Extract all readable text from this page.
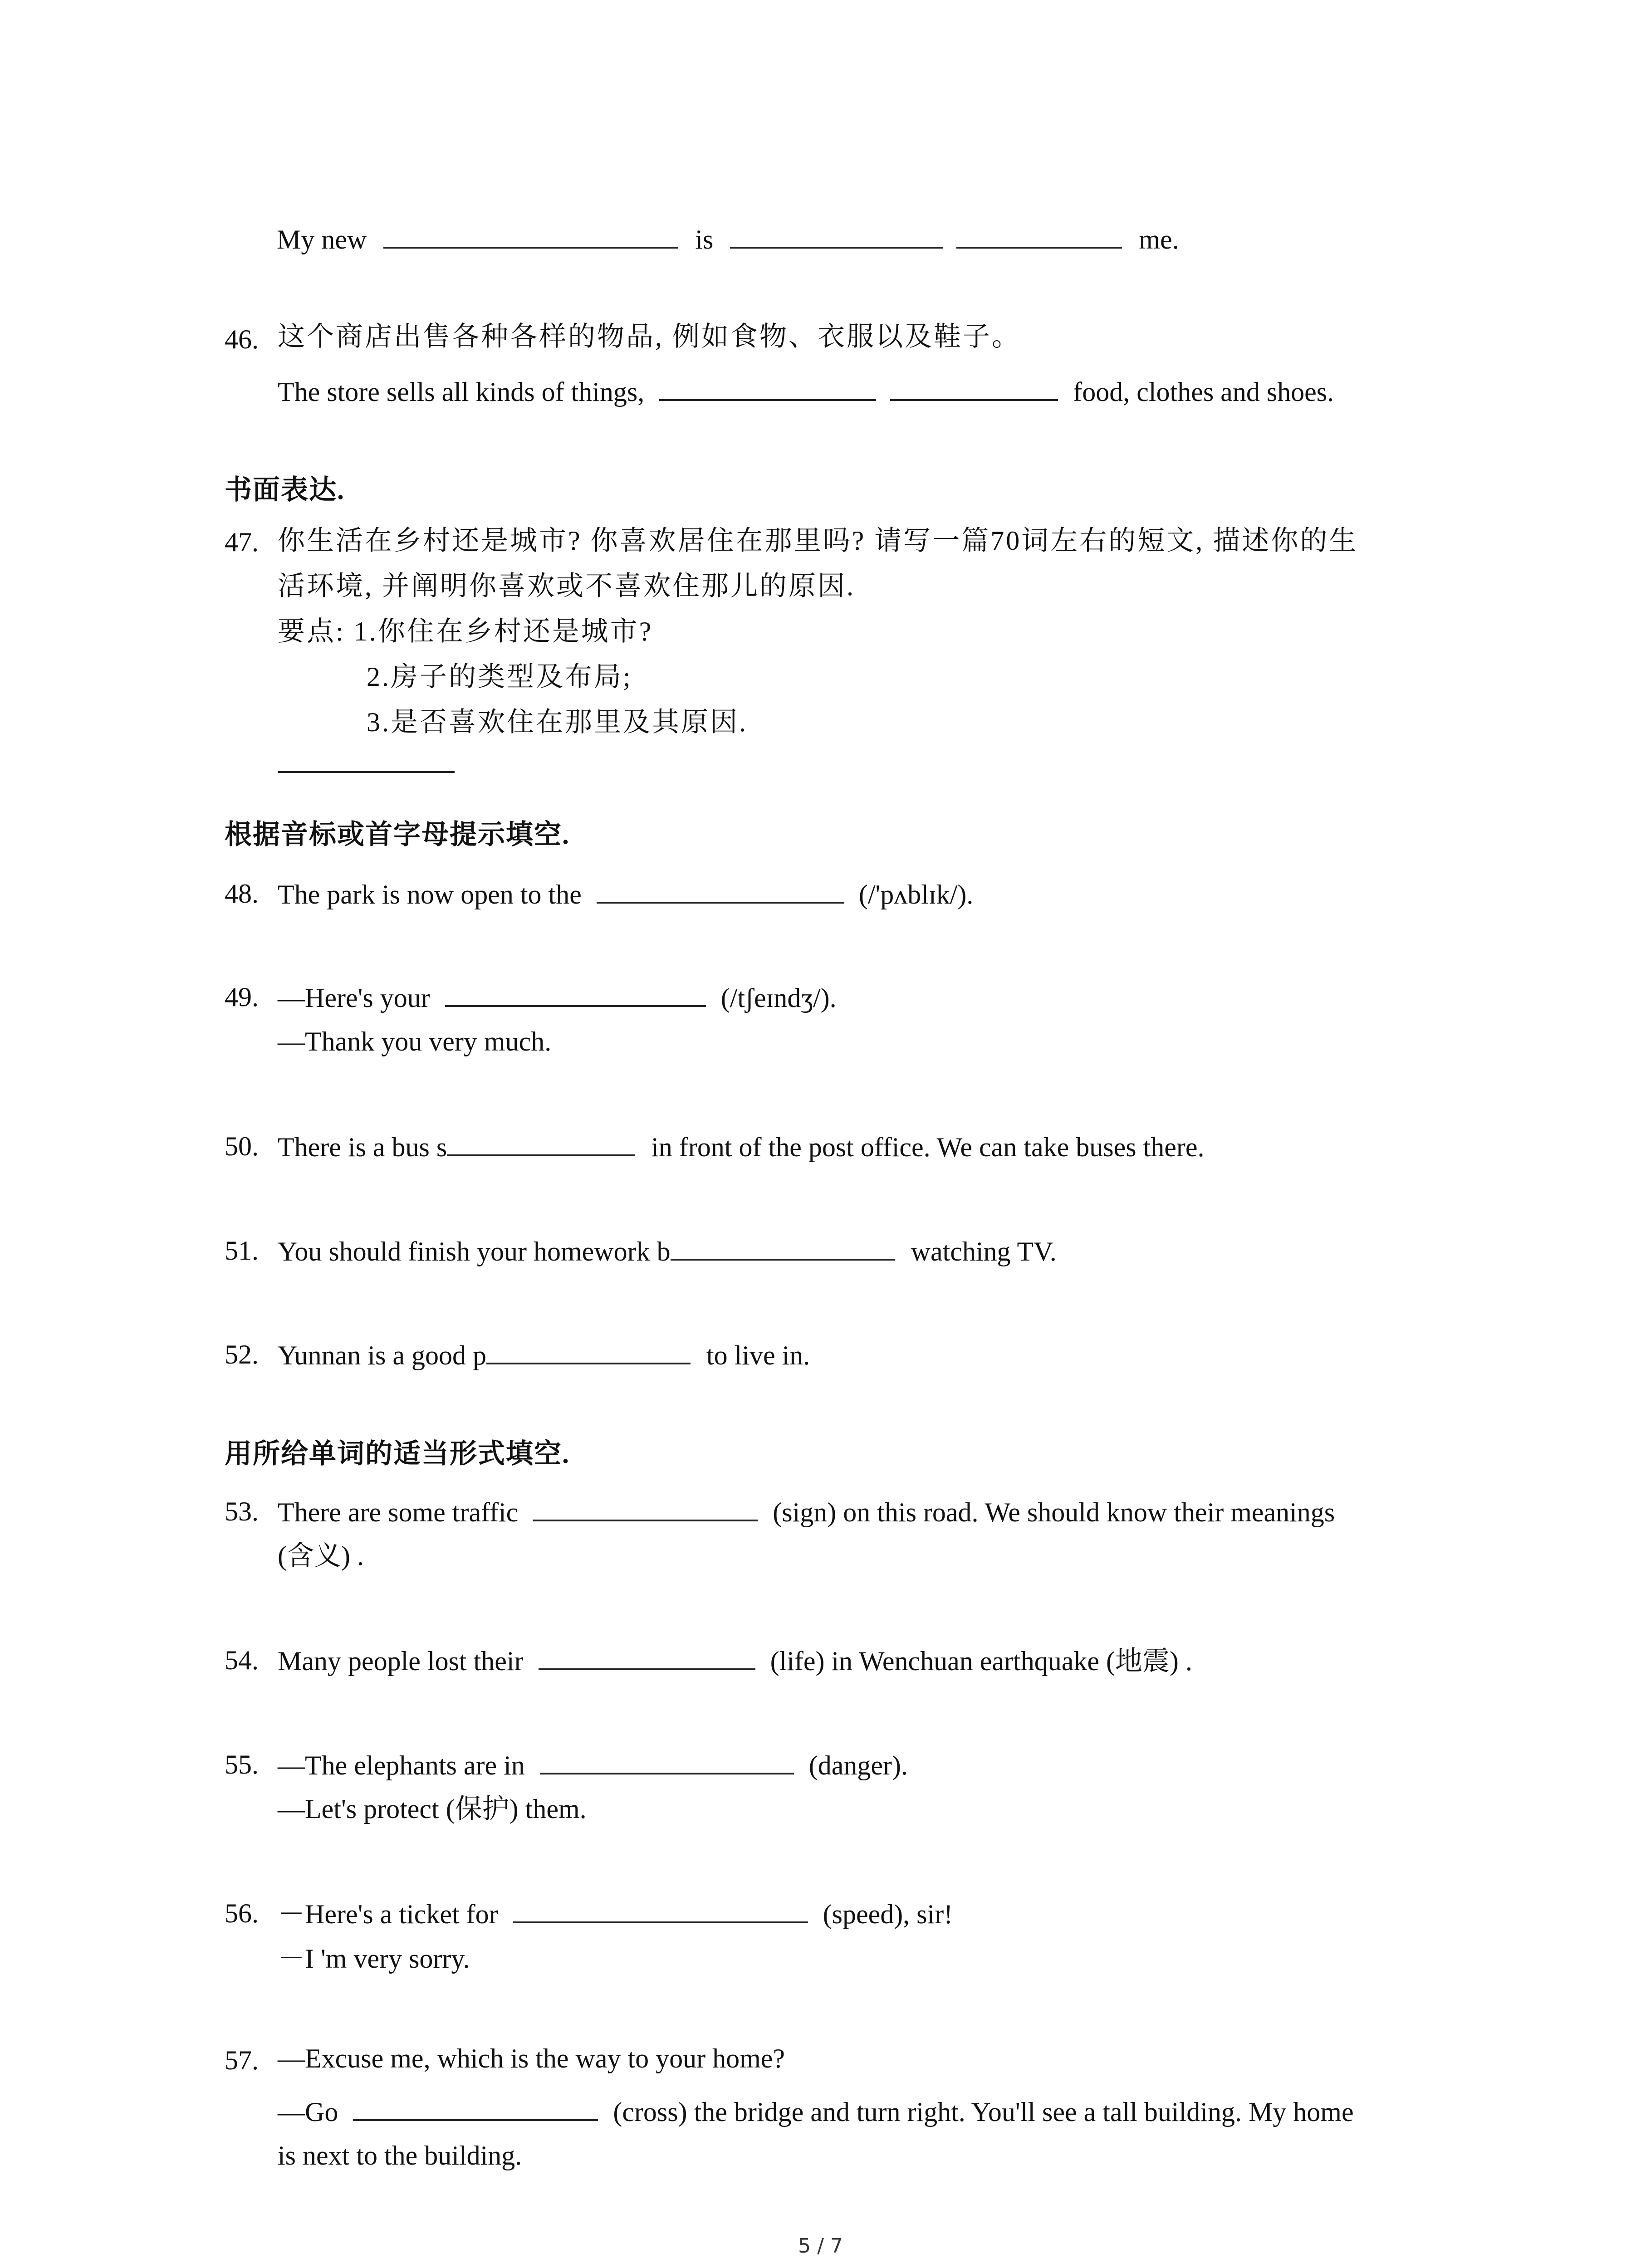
My new	is	me.
46. 这个商店出售各种各样的物品, 例如食物、衣服以及鞋子。
The store sells all kinds of things,	food, clothes and shoes.
书面表达.
47. 你生活在乡村还是城市? 你喜欢居住在那里吗? 请写一篇70词左右的短文, 描述你的生
活环境, 并阐明你喜欢或不喜欢住那儿的原因.
要点: 1.你住在乡村还是城市?
2.房子的类型及布局;
3.是否喜欢住在那里及其原因.
根据音标或首字母提示填空.
48. The park is now open to the	(/'pʌblɪk/).
49. —Here's your	(/tʃeɪndʒ/).
—Thank you very much.
50. There is a bus s	in front of the post office. We can take buses there.
51. You should finish your homework b	watching TV.
52. Yunnan is a good p	to live in.
用所给单词的适当形式填空.
53. There are some traffic	(sign) on this road. We should know their meanings
(含义) .
54. Many people lost their	(life) in Wenchuan earthquake (地震) .
55. —The elephants are in	(danger).
—Let's protect (保护) them.
56. －Here's a ticket for	(speed), sir!
－I 'm very sorry.
57. —Excuse me, which is the way to your home?
—Go	(cross) the bridge and turn right. You'll see a tall building. My home
is next to the building.
5 / 7
